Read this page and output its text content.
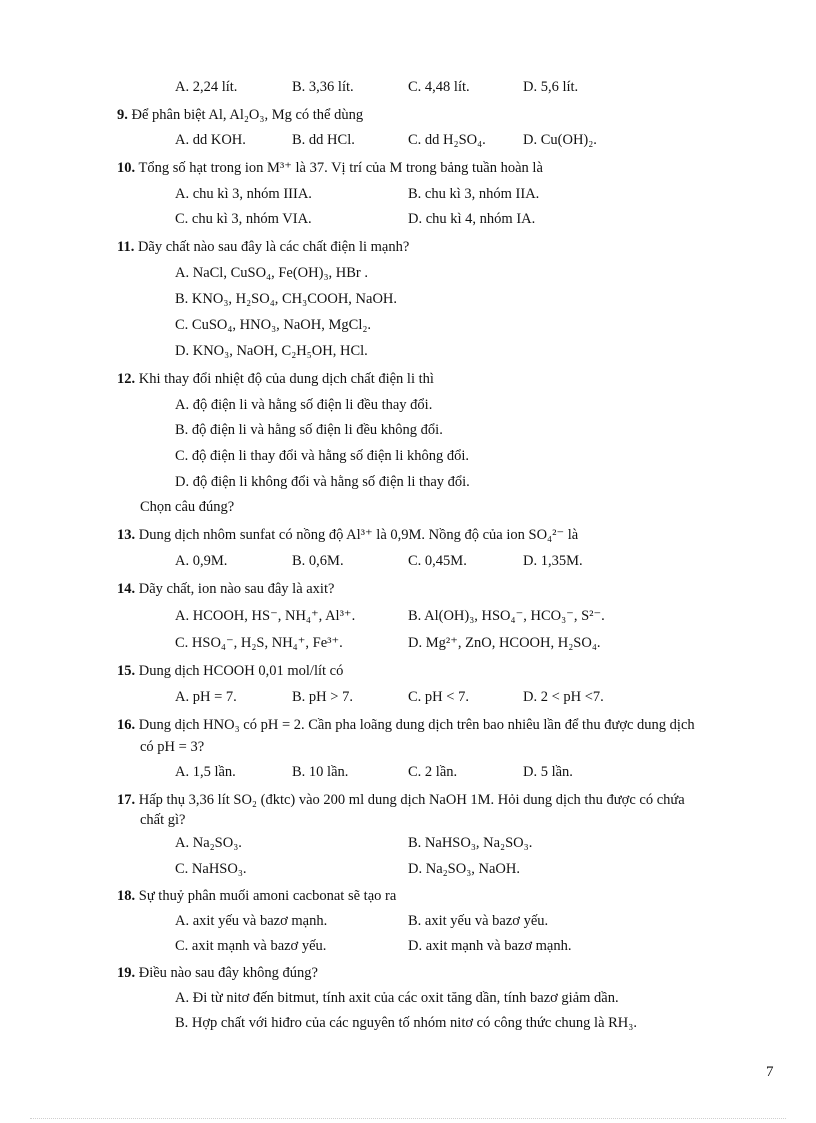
A. 2,24 lít.	B. 3,36 lít.	C. 4,48 lít.	D. 5,6 lít.
9. Để phân biệt Al, Al₂O₃, Mg có thể dùng
A. dd KOH.	B. dd HCl.	C. dd H₂SO₄.	D. Cu(OH)₂.
10. Tổng số hạt trong ion M³⁺ là 37. Vị trí của M trong bảng tuần hoàn là
A. chu kì 3, nhóm IIIA.	B. chu kì 3, nhóm IIA.
C. chu kì 3, nhóm VIA.	D. chu kì 4, nhóm IA.
11. Dãy chất nào sau đây là các chất điện li mạnh?
A. NaCl, CuSO₄, Fe(OH)₃, HBr .
B. KNO₃, H₂SO₄, CH₃COOH, NaOH.
C. CuSO₄, HNO₃, NaOH, MgCl₂.
D. KNO₃, NaOH, C₂H₅OH, HCl.
12. Khi thay đổi nhiệt độ của dung dịch chất điện li thì
A. độ điện li và hằng số điện li đều thay đổi.
B. độ điện li và hằng số điện li đều không đổi.
C. độ điện li thay đổi và hằng số điện li không đổi.
D. độ điện li không đổi và hằng số điện li thay đổi.
Chọn câu đúng?
13. Dung dịch nhôm sunfat có nồng độ Al³⁺ là 0,9M. Nồng độ của ion SO₄²⁻ là
A. 0,9M.	B. 0,6M.	C. 0,45M.	D. 1,35M.
14. Dãy chất, ion nào sau đây là axit?
A. HCOOH, HS⁻, NH₄⁺, Al³⁺.	B. Al(OH)₃, HSO₄⁻, HCO₃⁻, S²⁻.
C. HSO₄⁻, H₂S, NH₄⁺, Fe³⁺.	D. Mg²⁺, ZnO, HCOOH, H₂SO₄.
15. Dung dịch HCOOH 0,01 mol/lít có
A. pH = 7.	B. pH > 7.	C. pH < 7.	D. 2 < pH <7.
16. Dung dịch HNO₃ có pH = 2. Cần pha loãng dung dịch trên bao nhiêu lần để thu được dung dịch
có pH = 3?
A. 1,5 lần.	B. 10 lần.	C. 2 lần.	D. 5 lần.
17. Hấp thụ 3,36 lít SO₂ (đktc) vào 200 ml dung dịch NaOH 1M. Hỏi dung dịch thu được có chứa
chất gì?
A. Na₂SO₃.	B. NaHSO₃, Na₂SO₃.
C. NaHSO₃.	D. Na₂SO₃, NaOH.
18. Sự thuỷ phân muối amoni cacbonat sẽ tạo ra
A. axit yếu và bazơ mạnh.	B. axit yếu và bazơ yếu.
C. axit mạnh và bazơ yếu.	D. axit mạnh và bazơ mạnh.
19. Điều nào sau đây không đúng?
A. Đi từ nitơ đến bitmut, tính axit của các oxit tăng dần, tính bazơ giảm dần.
B. Hợp chất với hiđro của các nguyên tố nhóm nitơ có công thức chung là RH₃.
7
